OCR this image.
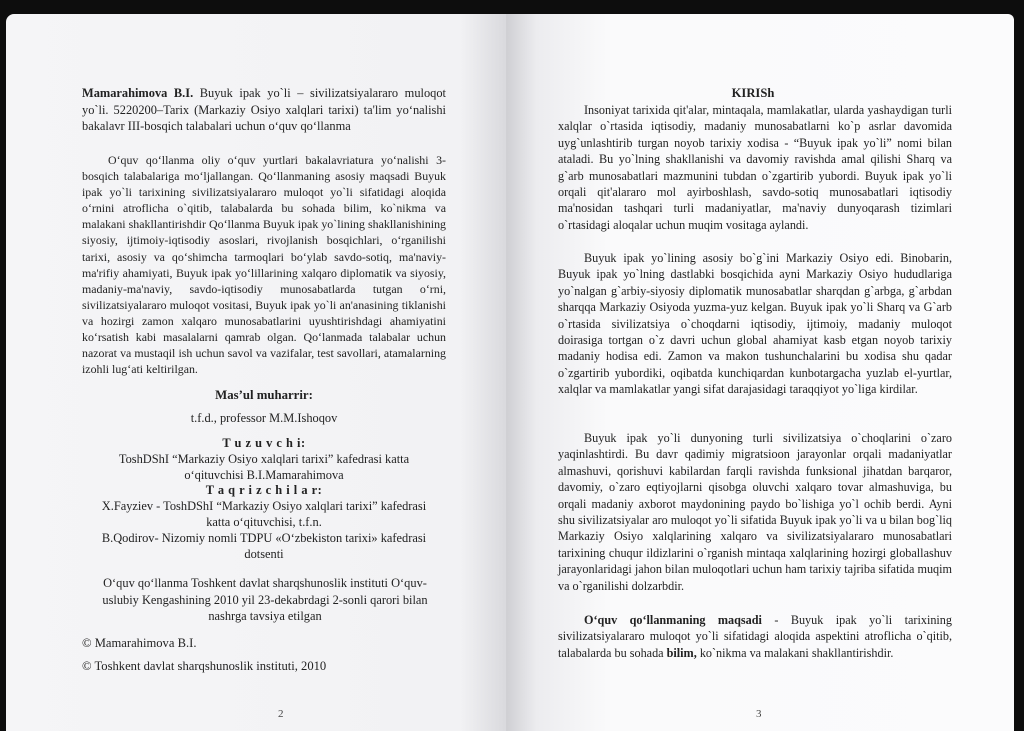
Mamarahimova B.I. Buyuk ipak yo`li – sivilizatsiyalararo muloqot yo`li. 5220200–Tarix (Markaziy Osiyo xalqlari tarixi) ta'lim yo‘nalishi bakalavr III-bosqich talabalari uchun o‘quv qo‘llanma
O‘quv qo‘llanma oliy o‘quv yurtlari bakalavriatura yo‘nalishi 3-bosqich talabalariga mo‘ljallangan. Qo‘llanmaning asosiy maqsadi Buyuk ipak yo`li tarixining sivilizatsiyalararo muloqot yo`li sifatidagi aloqida o‘rnini atroflicha o`qitib, talabalarda bu sohada bilim, ko`nikma va malakani shakllantirishdir Qo‘llanma Buyuk ipak yo`lining shakllanishining siyosiy, ijtimoiy-iqtisodiy asoslari, rivojlanish bosqichlari, o‘rganilishi tarixi, asosiy va qo‘shimcha tarmoqlari bo‘ylab savdo-sotiq, ma'naviy-ma'rifiy ahamiyati, Buyuk ipak yo‘lillarining xalqaro diplomatik va siyosiy, madaniy-ma'naviy, savdo-iqtisodiy munosabatlarda tutgan o‘rni, sivilizatsiyalararo muloqot vositasi, Buyuk ipak yo`li an'anasining tiklanishi va hozirgi zamon xalqaro munosabatlarini uyushtirishdagi ahamiyatini ko‘rsatish kabi masalalarni qamrab olgan. Qo‘lanmada talabalar uchun nazorat va mustaqil ish uchun savol va vazifalar, test savollari, atamalarning izohli lug‘ati keltirilgan.
Mas’ul muharrir:
t.f.d., professor M.M.Ishoqov
T u z u v c h i:
ToshDShI “Markaziy Osiyo xalqlari tarixi” kafedrasi katta
o‘qituvchisi B.I.Mamarahimova
T a q r i z c h i l a r:
X.Fayziev - ToshDShI “Markaziy Osiyo xalqlari tarixi” kafedrasi
katta o‘qituvchisi, t.f.n.
B.Qodirov- Nizomiy nomli TDPU «O‘zbekiston tarixi» kafedrasi
dotsenti
O‘quv qo‘llanma Toshkent davlat sharqshunoslik instituti O‘quv-uslubiy Kengashining 2010 yil 23-dekabrdagi 2-sonli qarori bilan nashrga tavsiya etilgan
© Mamarahimova B.I.
© Toshkent davlat sharqshunoslik instituti, 2010
2
KIRISh
Insoniyat tarixida qit'alar, mintaqala, mamlakatlar, ularda yashaydigan turli xalqlar o`rtasida iqtisodiy, madaniy munosabatlarni ko`p asrlar davomida uyg`unlashtirib turgan noyob tarixiy xodisa - “Buyuk ipak yo`li” nomi bilan ataladi. Bu yo`lning shakllanishi va davomiy ravishda amal qilishi Sharq va g`arb munosabatlari mazmunini tubdan o`zgartirib yubordi. Buyuk ipak yo`li orqali qit'alararo mol ayirboshlash, savdo-sotiq munosabatlari iqtisodiy ma'nosidan tashqari turli madaniyatlar, ma'naviy dunyoqarash tizimlari o`rtasidagi aloqalar uchun muqim vositaga aylandi.
Buyuk ipak yo`lining asosiy bo`g`ini Markaziy Osiyo edi. Binobarin, Buyuk ipak yo`lning dastlabki bosqichida ayni Markaziy Osiyo hududlariga yo`nalgan g`arbiy-siyosiy diplomatik munosabatlar sharqdan g`arbga, g`arbdan sharqqa Markaziy Osiyoda yuzma-yuz kelgan. Buyuk ipak yo`li Sharq va G`arb o`rtasida sivilizatsiya o`choqdarni iqtisodiy, ijtimoiy, madaniy muloqot doirasiga tortgan o`z davri uchun global ahamiyat kasb etgan noyob tarixiy madaniy hodisa edi. Zamon va makon tushunchalarini bu xodisa shu qadar o`zgartirib yubordiki, oqibatda kunchiqardan kunbotargacha yuzlab el-yurtlar, xalqlar va mamlakatlar yangi sifat darajasidagi taraqqiyot yo`liga kirdilar.
Buyuk ipak yo`li dunyoning turli sivilizatsiya o`choqlarini o`zaro yaqinlashtirdi. Bu davr qadimiy migratsioon jarayonlar orqali madaniyatlar almashuvi, qorishuvi kabilardan farqli ravishda funksional jihatdan barqaror, davomiy, o`zaro eqtiyojlarni qisobga oluvchi xalqaro tovar almashuviga, bu orqali madaniy axborot maydonining paydo bo`lishiga yo`l ochib berdi. Ayni shu sivilizatsiyalar aro muloqot yo`li sifatida Buyuk ipak yo`li va u bilan bog`liq Markaziy Osiyo xalqlarining xalqaro va sivilizatsiyalararo munosabatlari tarixining chuqur ildizlarini o`rganish mintaqa xalqlarining hozirgi globallashuv jarayonlaridagi jahon bilan muloqotlari uchun ham tarixiy tajriba sifatida muqim va o`rganilishi dolzarbdir.
O‘quv qo‘llanmaning maqsadi - Buyuk ipak yo`li tarixining sivilizatsiyalararo muloqot yo`li sifatidagi aloqida aspektini atroflicha o`qitib, talabalarda bu sohada bilim, ko`nikma va malakani shakllantirishdir.
3
